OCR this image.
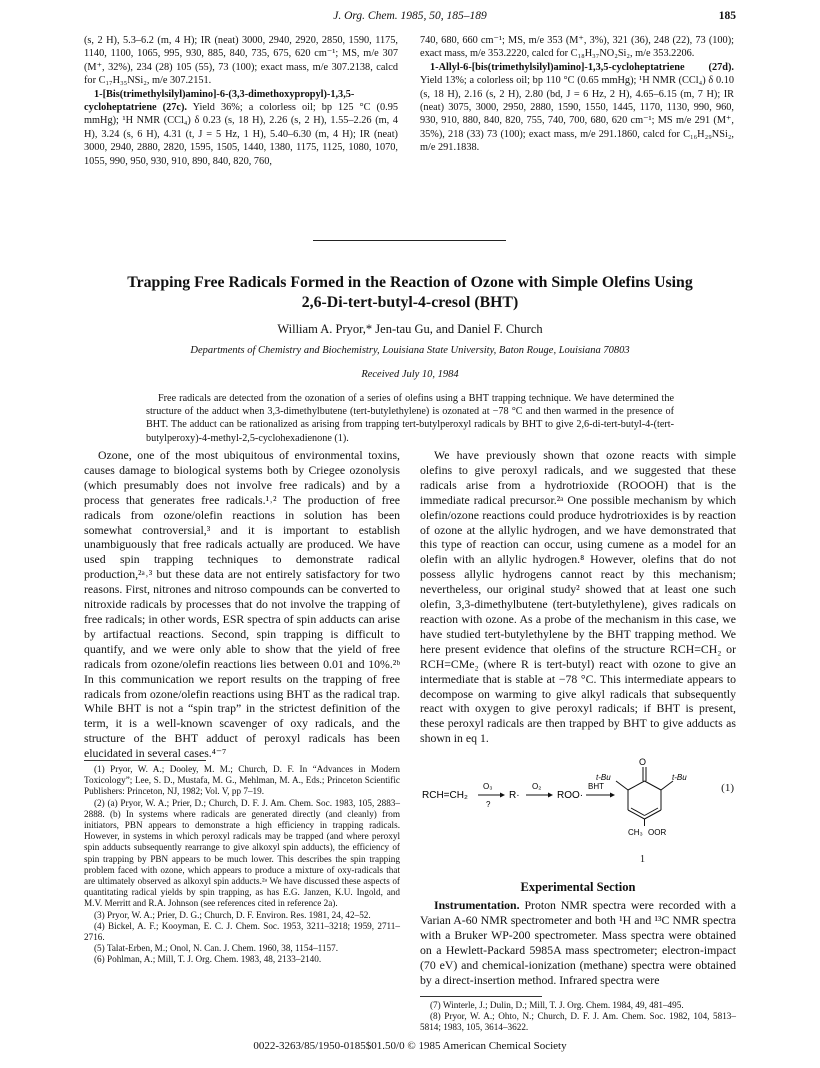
J. Org. Chem. 1985, 50, 185–189	185

(s, 2 H), 5.3–6.2 (m, 4 H); IR (neat) 3000, 2940, 2920, 2850, 1590, 1175, 1140, 1100, 1065, 995, 930, 885, 840, 735, 675, 620 cm⁻¹; MS, m/e 307 (M⁺, 32%), 234 (28) 105 (55), 73 (100); exact mass, m/e 307.2138, calcd for C₁₇H₃₅NSi₂, m/e 307.2151.

1-[Bis(trimethylsilyl)amino]-6-(3,3-dimethoxypropyl)-1,3,5-cycloheptatriene (27c). Yield 36%; a colorless oil; bp 125 °C (0.95 mmHg); ¹H NMR (CCl₄) δ 0.23 (s, 18 H), 2.26 (s, 2 H), 1.55–2.26 (m, 4 H), 3.24 (s, 6 H), 4.31 (t, J = 5 Hz, 1 H), 5.40–6.30 (m, 4 H); IR (neat) 3000, 2940, 2880, 2820, 1595, 1505, 1440, 1380, 1175, 1125, 1080, 1070, 1055, 990, 950, 930, 910, 890, 840, 820, 760,

740, 680, 660 cm⁻¹; MS, m/e 353 (M⁺, 3%), 321 (36), 248 (22), 73 (100); exact mass, m/e 353.2220, calcd for C₁₈H₃₇NO₂Si₂, m/e 353.2206.

1-Allyl-6-[bis(trimethylsilyl)amino]-1,3,5-cycloheptatriene (27d). Yield 13%; a colorless oil; bp 110 °C (0.65 mmHg); ¹H NMR (CCl₄) δ 0.10 (s, 18 H), 2.16 (s, 2 H), 2.80 (bd, J = 6 Hz, 2 H), 4.65–6.15 (m, 7 H); IR (neat) 3075, 3000, 2950, 2880, 1590, 1550, 1445, 1170, 1130, 990, 960, 930, 910, 880, 840, 820, 755, 740, 700, 680, 620 cm⁻¹; MS m/e 291 (M⁺, 35%), 218 (33) 73 (100); exact mass, m/e 291.1860, calcd for C₁₆H₂₉NSi₂, m/e 291.1838.

Trapping Free Radicals Formed in the Reaction of Ozone with Simple Olefins Using 2,6-Di-tert-butyl-4-cresol (BHT)
William A. Pryor,* Jen-tau Gu, and Daniel F. Church
Departments of Chemistry and Biochemistry, Louisiana State University, Baton Rouge, Louisiana 70803
Received July 10, 1984

Free radicals are detected from the ozonation of a series of olefins using a BHT trapping technique. We have determined the structure of the adduct when 3,3-dimethylbutene (tert-butylethylene) is ozonated at −78 °C and then warmed in the presence of BHT. The adduct can be rationalized as arising from trapping tert-butylperoxyl radicals by BHT to give 2,6-di-tert-butyl-4-(tert-butylperoxy)-4-methyl-2,5-cyclohexadienone (1).

Ozone, one of the most ubiquitous of environmental toxins, causes damage to biological systems both by Criegee ozonolysis (which presumably does not involve free radicals) and by a process that generates free radicals.¹˒² The production of free radicals from ozone/olefin reactions in solution has been somewhat controversial,³ and it is important to establish unambiguously that free radicals actually are produced. We have used spin trapping techniques to demonstrate radical production,²ᵃ˒³ but these data are not entirely satisfactory for two reasons. First, nitrones and nitroso compounds can be converted to nitroxide radicals by processes that do not involve the trapping of free radicals; in other words, ESR spectra of spin adducts can arise by artifactual reactions. Second, spin trapping is difficult to quantify, and we were only able to show that the yield of free radicals from ozone/olefin reactions lies between 0.01 and 10%.²ᵇ In this communication we report results on the trapping of free radicals from ozone/olefin reactions using BHT as the radical trap. While BHT is not a “spin trap” in the strictest definition of the term, it is a well-known scavenger of oxy radicals, and the structure of the BHT adduct of peroxyl radicals has been elucidated in several cases.⁴⁻⁷

We have previously shown that ozone reacts with simple olefins to give peroxyl radicals, and we suggested that these radicals arise from a hydrotrioxide (ROOOH) that is the immediate radical precursor.²ᵃ One possible mechanism by which olefin/ozone reactions could produce hydrotrioxides is by reaction of ozone at the allylic hydrogen, and we have demonstrated that this type of reaction can occur, using cumene as a model for an olefin with an allylic hydrogen.⁸ However, olefins that do not possess allylic hydrogens cannot react by this mechanism; nevertheless, our original study² showed that at least one such olefin, 3,3-dimethylbutene (tert-butylethylene), gives radicals on reaction with ozone. As a probe of the mechanism in this case, we have studied tert-butylethylene by the BHT trapping method. We here present evidence that olefins of the structure RCH=CH₂ or RCH=CMe₂ (where R is tert-butyl) react with ozone to give an intermediate that is stable at −78 °C. This intermediate appears to decompose on warming to give alkyl radicals that subsequently react with oxygen to give peroxyl radicals; if BHT is present, these peroxyl radicals are then trapped by BHT to give adducts as shown in eq 1.

RCH=CH₂
O₃
?
R·
O₂
ROO·
BHT
O
t-Bu	t-Bu
CH₃ OOR
(1)
1
Experimental Section

Instrumentation. Proton NMR spectra were recorded with a Varian A-60 NMR spectrometer and both ¹H and ¹³C NMR spectra with a Bruker WP-200 spectrometer. Mass spectra were obtained on a Hewlett-Packard 5985A mass spectrometer; electron-impact (70 eV) and chemical-ionization (methane) spectra were obtained by a direct-insertion method. Infrared spectra were

(1) Pryor, W. A.; Dooley, M. M.; Church, D. F. In “Advances in Modern Toxicology”; Lee, S. D., Mustafa, M. G., Mehlman, M. A., Eds.; Princeton Scientific Publishers: Princeton, NJ, 1982; Vol. V, pp 7–19.

(2) (a) Pryor, W. A.; Prier, D.; Church, D. F. J. Am. Chem. Soc. 1983, 105, 2883–2888. (b) In systems where radicals are generated directly (and cleanly) from initiators, PBN appears to demonstrate a high efficiency in trapping radicals. However, in systems in which peroxyl radicals may be trapped (and where peroxyl spin adducts subsequently rearrange to give alkoxyl spin adducts), the efficiency of spin trapping by PBN appears to be much lower. This describes the spin trapping problem faced with ozone, which appears to produce a mixture of oxy-radicals that are ultimately observed as alkoxyl spin adducts.²ᵃ We have discussed these aspects of quantitating radical yields by spin trapping, as has E.G. Janzen, K.U. Ingold, and M.V. Merritt and R.A. Johnson (see references cited in reference 2a).

(3) Pryor, W. A.; Prier, D. G.; Church, D. F. Environ. Res. 1981, 24, 42–52.

(4) Bickel, A. F.; Kooyman, E. C. J. Chem. Soc. 1953, 3211–3218; 1959, 2711–2716.

(5) Talat-Erben, M.; Onol, N. Can. J. Chem. 1960, 38, 1154–1157.

(6) Pohlman, A.; Mill, T. J. Org. Chem. 1983, 48, 2133–2140.

(7) Winterle, J.; Dulin, D.; Mill, T. J. Org. Chem. 1984, 49, 481–495.

(8) Pryor, W. A.; Ohto, N.; Church, D. F. J. Am. Chem. Soc. 1982, 104, 5813–5814; 1983, 105, 3614–3622.

0022-3263/85/1950-0185$01.50/0 © 1985 American Chemical Society
